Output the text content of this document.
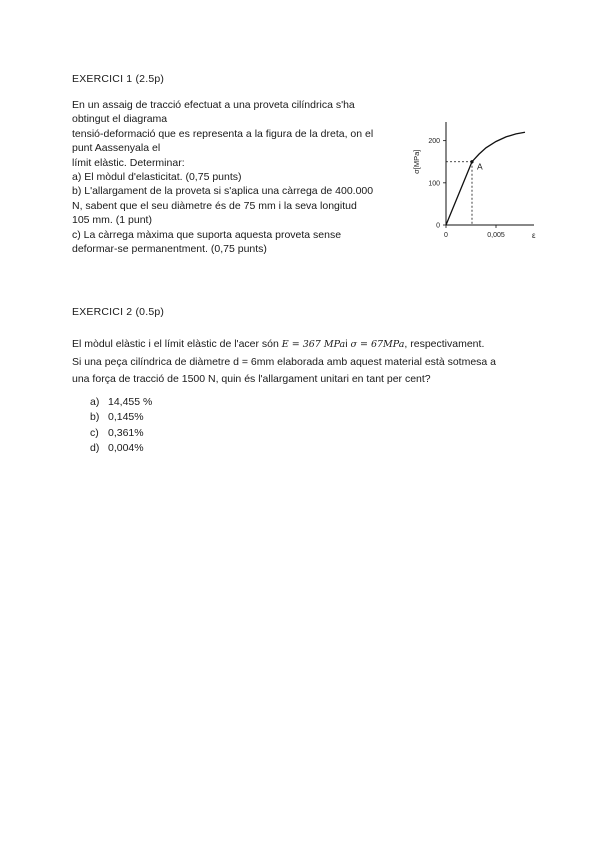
EXERCICI 1 (2.5p)
En un assaig de tracció efectuat a una proveta cilíndrica s'ha
obtingut el diagrama
tensió-deformació que es representa a la figura de la dreta, on el
punt Aassenyala el
límit elàstic. Determinar:
a) El mòdul d'elasticitat. (0,75 punts)
b) L'allargament de la proveta si s'aplica una càrrega de 400.000
N, sabent que el seu diàmetre és de 75 mm i la seva longitud
105 mm. (1 punt)
c) La càrrega màxima que suporta aquesta proveta sense
deformar-se permanentment. (0,75 punts)
0
100
200
0	0,005
σ[MPa]
ε
A
EXERCICI 2 (0.5p)
El mòdul elàstic i el límit elàstic de l'acer són E = 367 MPai σ = 67MPa, respectivament.
Si una peça cilíndrica de diàmetre d = 6mm elaborada amb aquest material està sotmesa a
una força de tracció de 1500 N, quin és l'allargament unitari en tant per cent?
a) 14,455 %
b) 0,145%
c) 0,361%
d) 0,004%
